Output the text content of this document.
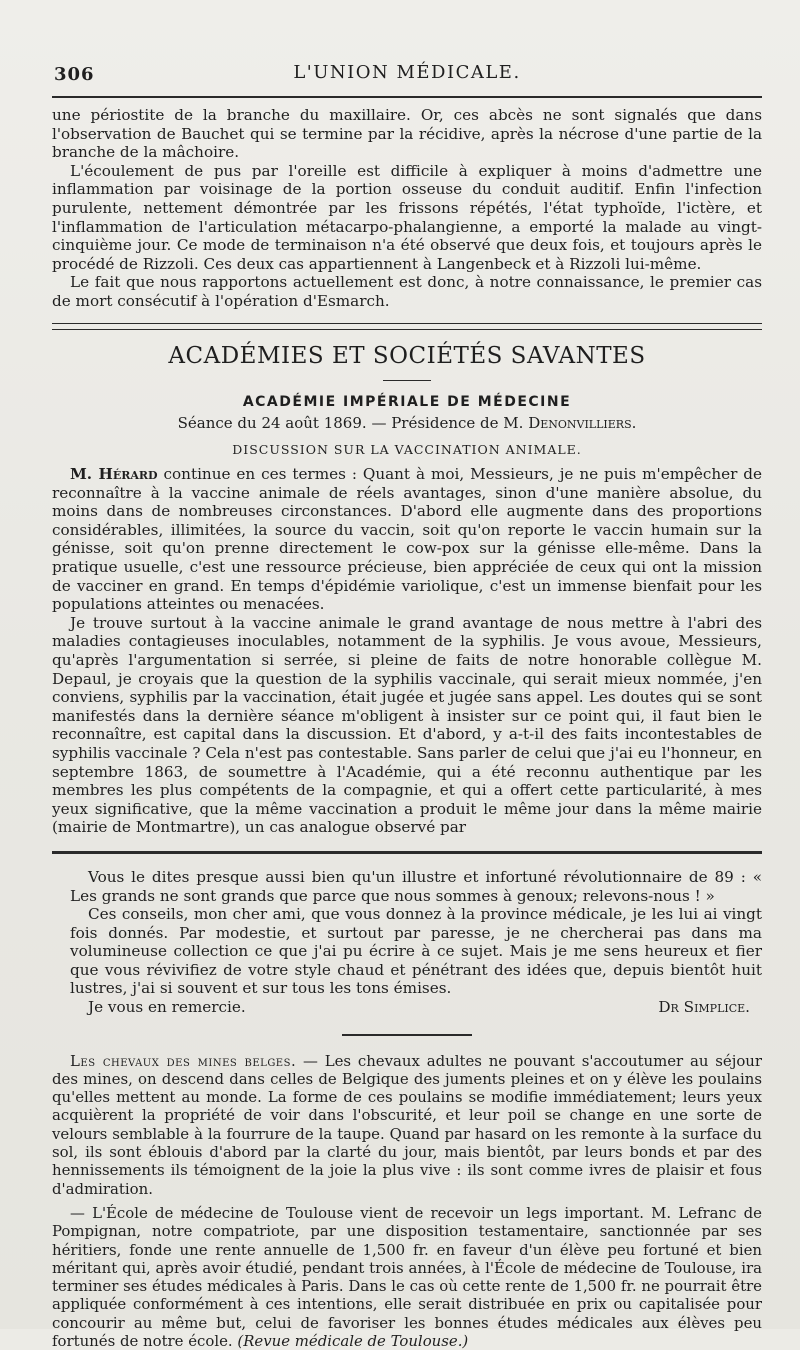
306	L'UNION MÉDICALE.

une périostite de la branche du maxillaire. Or, ces abcès ne sont signalés que dans l'observation de Bauchet qui se termine par la récidive, après la nécrose d'une partie de la branche de la mâchoire.

L'écoulement de pus par l'oreille est difficile à expliquer à moins d'admettre une inflammation par voisinage de la portion osseuse du conduit auditif. Enfin l'infection purulente, nettement démontrée par les frissons répétés, l'état typhoïde, l'ictère, et l'inflammation de l'articulation métacarpo-phalangienne, a emporté la malade au vingt-cinquième jour. Ce mode de terminaison n'a été observé que deux fois, et toujours après le procédé de Rizzoli. Ces deux cas appartiennent à Langenbeck et à Rizzoli lui-même.

Le fait que nous rapportons actuellement est donc, à notre connaissance, le premier cas de mort consécutif à l'opération d'Esmarch.

ACADÉMIES ET SOCIÉTÉS SAVANTES
ACADÉMIE IMPÉRIALE DE MÉDECINE
Séance du 24 août 1869. — Présidence de M. Denonvilliers.
DISCUSSION SUR LA VACCINATION ANIMALE.

M. Hérard continue en ces termes : Quant à moi, Messieurs, je ne puis m'empêcher de reconnaître à la vaccine animale de réels avantages, sinon d'une manière absolue, du moins dans de nombreuses circonstances. D'abord elle augmente dans des proportions considérables, illimitées, la source du vaccin, soit qu'on reporte le vaccin humain sur la génisse, soit qu'on prenne directement le cow-pox sur la génisse elle-même. Dans la pratique usuelle, c'est une ressource précieuse, bien appréciée de ceux qui ont la mission de vacciner en grand. En temps d'épidémie variolique, c'est un immense bienfait pour les populations atteintes ou menacées.

Je trouve surtout à la vaccine animale le grand avantage de nous mettre à l'abri des maladies contagieuses inoculables, notamment de la syphilis. Je vous avoue, Messieurs, qu'après l'argumentation si serrée, si pleine de faits de notre honorable collègue M. Depaul, je croyais que la question de la syphilis vaccinale, qui serait mieux nommée, j'en conviens, syphilis par la vaccination, était jugée et jugée sans appel. Les doutes qui se sont manifestés dans la dernière séance m'obligent à insister sur ce point qui, il faut bien le reconnaître, est capital dans la discussion. Et d'abord, y a-t-il des faits incontestables de syphilis vaccinale ? Cela n'est pas contestable. Sans parler de celui que j'ai eu l'honneur, en septembre 1863, de soumettre à l'Académie, qui a été reconnu authentique par les membres les plus compétents de la compagnie, et qui a offert cette particularité, à mes yeux significative, que la même vaccination a produit le même jour dans la même mairie (mairie de Montmartre), un cas analogue observé par

Vous le dites presque aussi bien qu'un illustre et infortuné révolutionnaire de 89 : « Les grands ne sont grands que parce que nous sommes à genoux; relevons-nous ! »

Ces conseils, mon cher ami, que vous donnez à la province médicale, je les lui ai vingt fois donnés. Par modestie, et surtout par paresse, je ne chercherai pas dans ma volumineuse collection ce que j'ai pu écrire à ce sujet. Mais je me sens heureux et fier que vous révivifiez de votre style chaud et pénétrant des idées que, depuis bientôt huit lustres, j'ai si souvent et sur tous les tons émises.

Je vous en remercie.	Dr Simplice.

Les chevaux des mines belges. — Les chevaux adultes ne pouvant s'accoutumer au séjour des mines, on descend dans celles de Belgique des juments pleines et on y élève les poulains qu'elles mettent au monde. La forme de ces poulains se modifie immédiatement; leurs yeux acquièrent la propriété de voir dans l'obscurité, et leur poil se change en une sorte de velours semblable à la fourrure de la taupe. Quand par hasard on les remonte à la surface du sol, ils sont éblouis d'abord par la clarté du jour, mais bientôt, par leurs bonds et par des hennissements ils témoignent de la joie la plus vive : ils sont comme ivres de plaisir et fous d'admiration.

— L'École de médecine de Toulouse vient de recevoir un legs important. M. Lefranc de Pompignan, notre compatriote, par une disposition testamentaire, sanctionnée par ses héritiers, fonde une rente annuelle de 1,500 fr. en faveur d'un élève peu fortuné et bien méritant qui, après avoir étudié, pendant trois années, à l'École de médecine de Toulouse, ira terminer ses études médicales à Paris. Dans le cas où cette rente de 1,500 fr. ne pourrait être appliquée conformément à ces intentions, elle serait distribuée en prix ou capitalisée pour concourir au même but, celui de favoriser les bonnes études médicales aux élèves peu fortunés de notre école. (Revue médicale de Toulouse.)
